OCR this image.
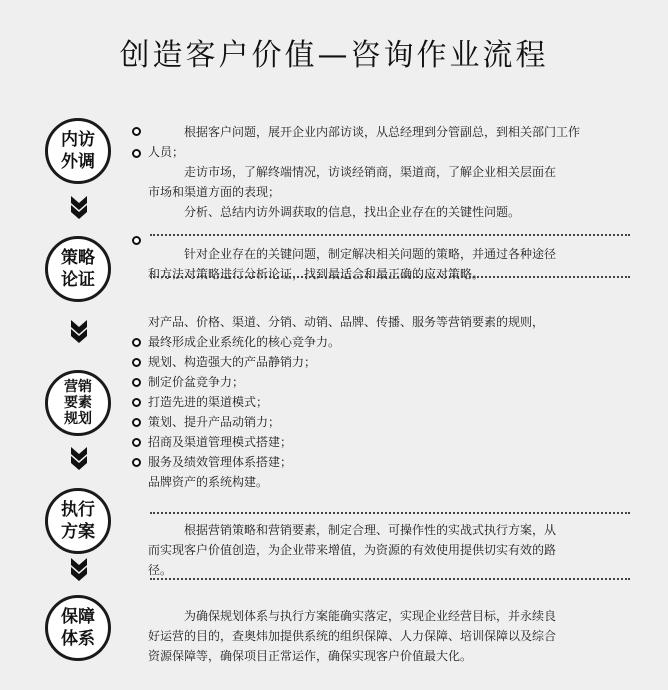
创造客户价值—咨询作业流程
内访
外调
策略
论证
营销
要素
规划
执行
方案
保障
体系
根据客户问题，展开企业内部访谈，从总经理到分管副总，到相关部门工作
人员；
走访市场，了解终端情况，访谈经销商，渠道商，了解企业相关层面在
市场和渠道方面的表现；
分析、总结内访外调获取的信息，找出企业存在的关键性问题。
针对企业存在的关键问题，制定解决相关问题的策略，并通过各种途径
和方法对策略进行分析论证，找到最适合和最正确的应对策略。
对产品、价格、渠道、分销、动销、品牌、传播、服务等营销要素的规则，
最终形成企业系统化的核心竞争力。
规划、构造强大的产品静销力；
制定价盆竞争力；
打造先进的渠道模式；
策划、提升产品动销力；
招商及渠道管理模式搭建；
服务及绩效管理体系搭建；
品牌资产的系统构建。
根据营销策略和营销要素，制定合理、可操作性的实战式执行方案，从
而实现客户价值创造，为企业带来增值，为资源的有效使用提供切实有效的路
径。
为确保规划体系与执行方案能确实落定，实现企业经营目标，并永续良
好运营的目的，查奥炜加提供系统的组织保障、人力保障、培训保障以及综合
资源保障等，确保项目正常运作，确保实现客户价值最大化。
